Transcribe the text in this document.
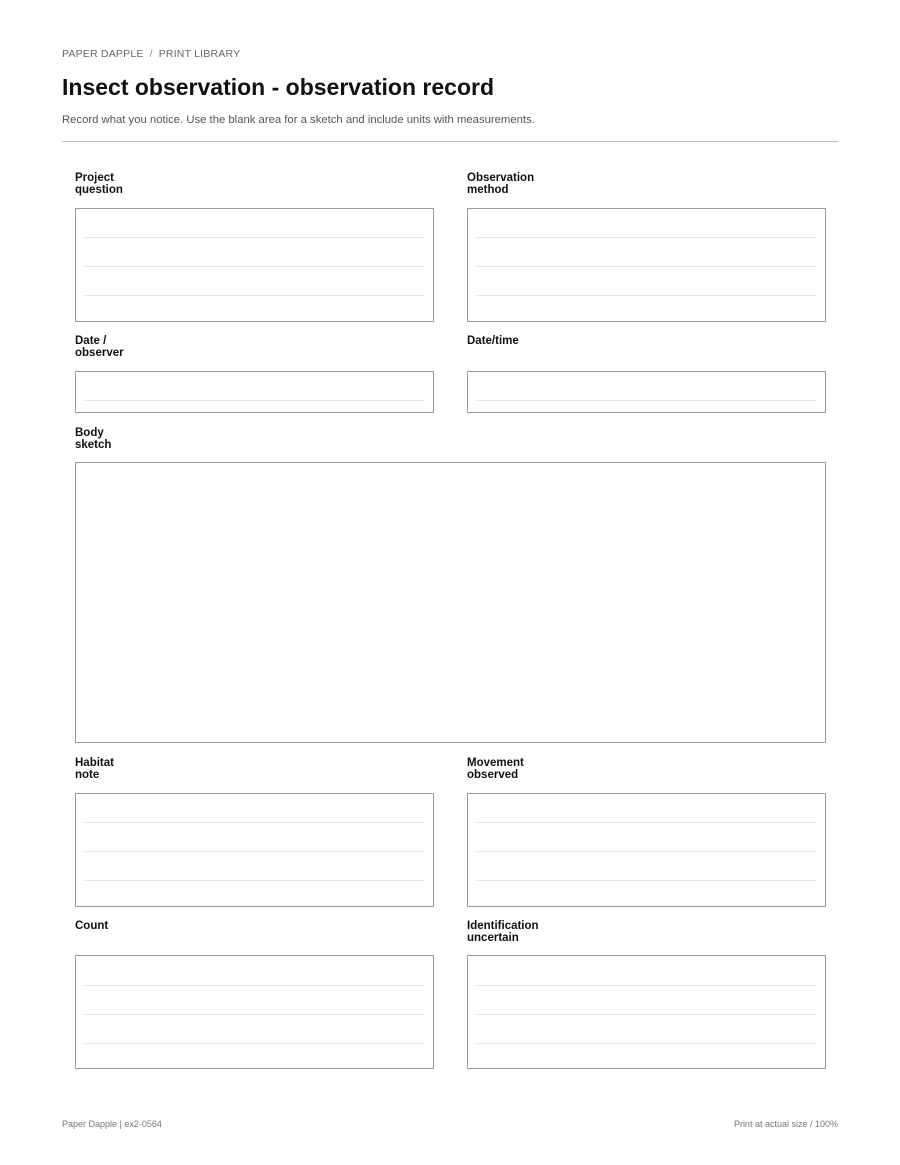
PAPER DAPPLE / PRINT LIBRARY
Insect observation - observation record
Record what you notice. Use the blank area for a sketch and include units with measurements.
Project question
Observation method
Date / observer
Date/time
Body sketch
Habitat note
Movement observed
Count	Identification uncertain
Paper Dapple | ex2-0564	Print at actual size / 100%
